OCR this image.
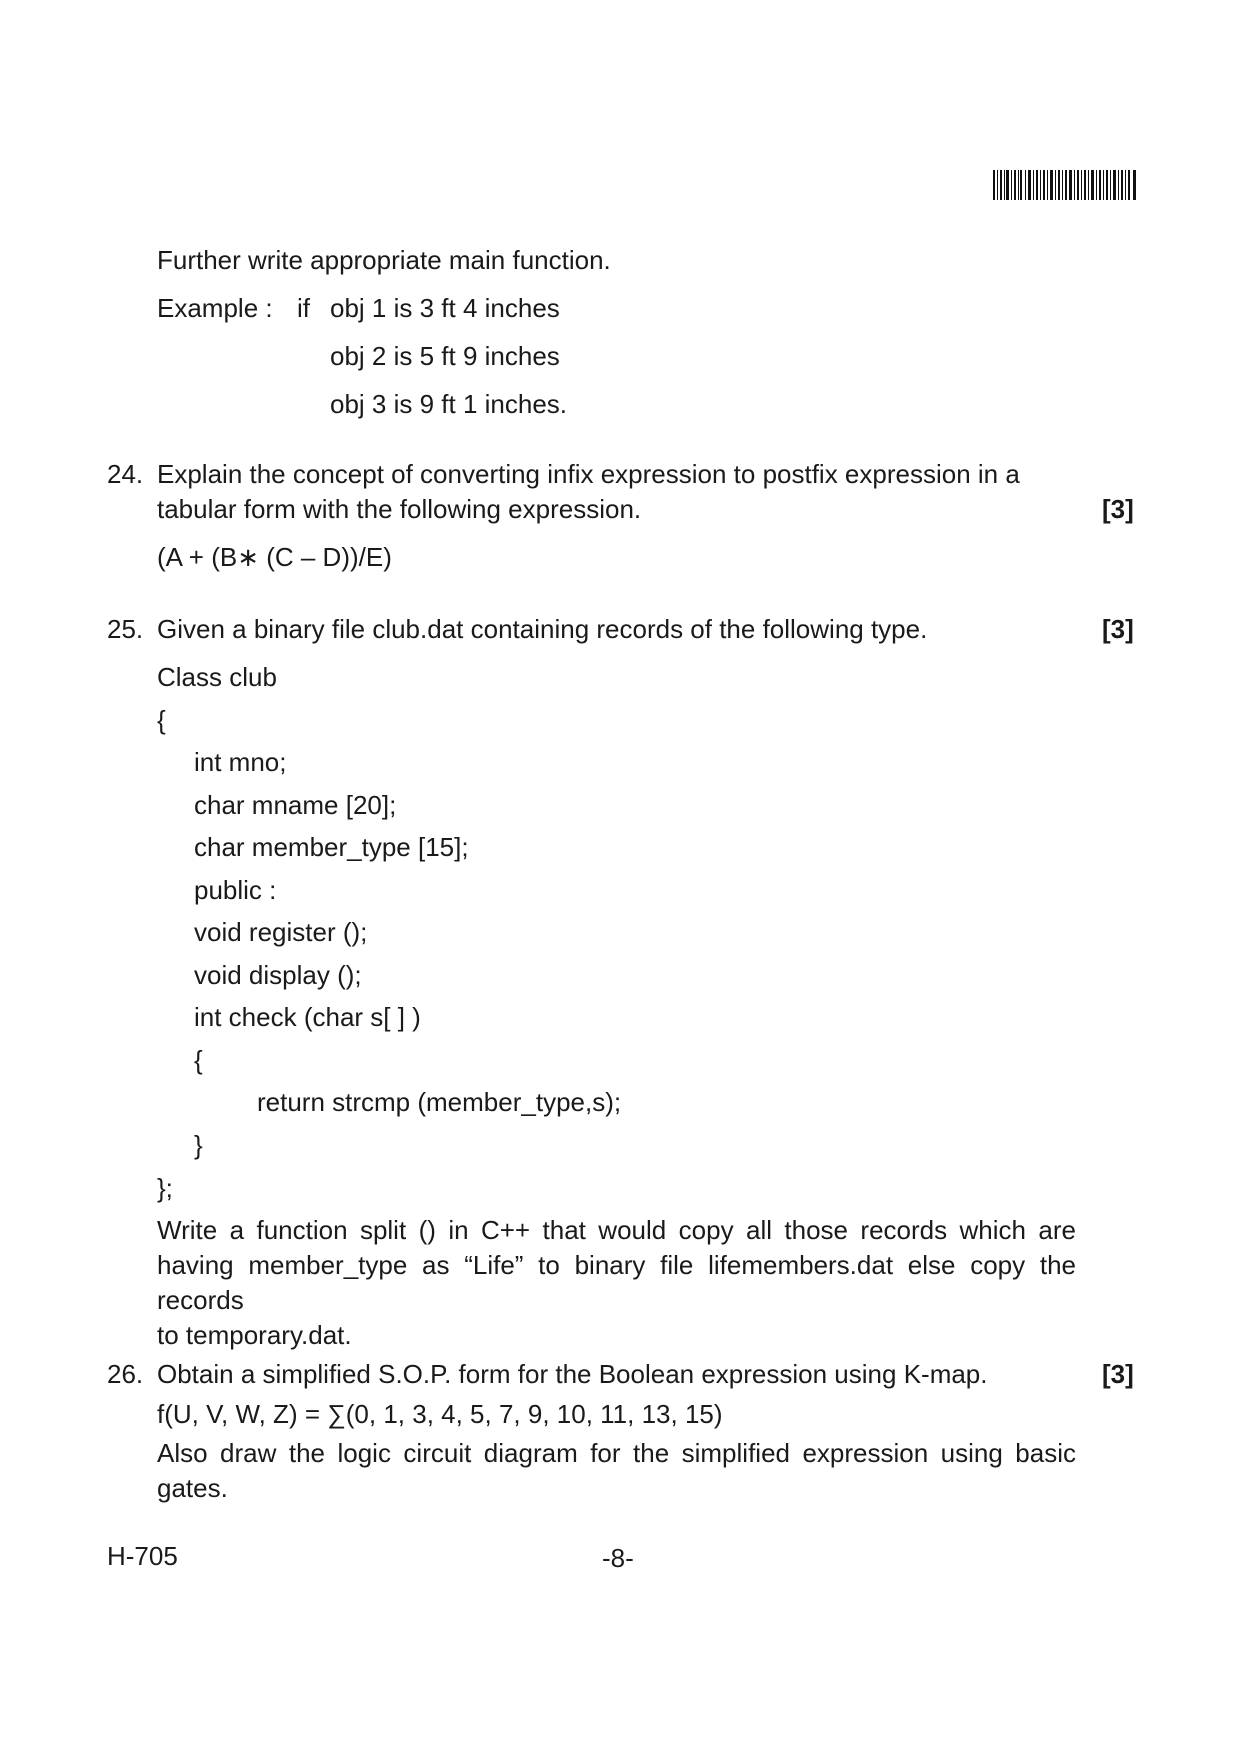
Further write appropriate main function.
Example : if obj 1 is 3 ft 4 inches
obj 2 is 5 ft 9 inches
obj 3 is 9 ft 1 inches.
24. Explain the concept of converting infix expression to postfix expression in a
tabular form with the following expression.	[3]
(A + (B∗ (C – D))/E)
25. Given a binary file club.dat containing records of the following type.	[3]
Class club
{
int mno;
char mname [20];
char member_type [15];
public :
void register ();
void display ();
int check (char s[ ] )
{
return strcmp (member_type,s);
}
};
Write a function split () in C++ that would copy all those records which are
having member_type as “Life” to binary file lifemembers.dat else copy the records
to temporary.dat.
26. Obtain a simplified S.O.P. form for the Boolean expression using K-map.	[3]
f(U, V, W, Z) = ∑(0, 1, 3, 4, 5, 7, 9, 10, 11, 13, 15)
Also draw the logic circuit diagram for the simplified expression using basic
gates.
H-705	-8-
